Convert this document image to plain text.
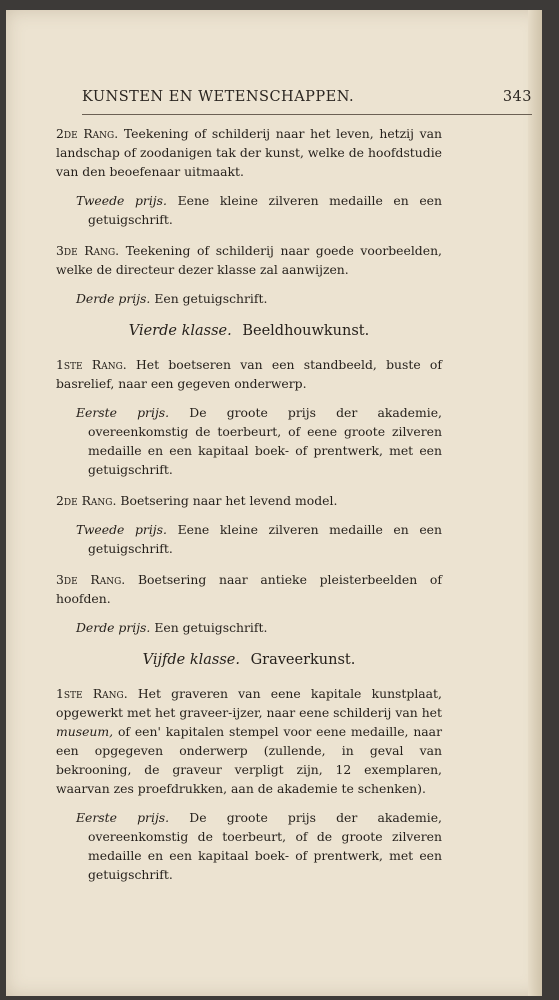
KUNSTEN EN WETENSCHAPPEN.	343

2de Rang. Teekening of schilderij naar het leven, hetzij van landschap of zoodanigen tak der kunst, welke de hoofdstudie van den beoefenaar uitmaakt.

Tweede prijs. Eene kleine zilveren medaille en een getuigschrift.

3de Rang. Teekening of schilderij naar goede voorbeelden, welke de directeur dezer klasse zal aanwijzen.

Derde prijs. Een getuigschrift.

Vierde klasse. Beeldhouwkunst.

1ste Rang. Het boetseren van een standbeeld, buste of basrelief, naar een gegeven onderwerp.

Eerste prijs. De groote prijs der akademie, overeenkomstig de toerbeurt, of eene groote zilveren medaille en een kapitaal boek- of prentwerk, met een getuigschrift.

2de Rang. Boetsering naar het levend model.

Tweede prijs. Eene kleine zilveren medaille en een getuigschrift.

3de Rang. Boetsering naar antieke pleisterbeelden of hoofden.

Derde prijs. Een getuigschrift.

Vijfde klasse. Graveerkunst.

1ste Rang. Het graveren van eene kapitale kunstplaat, opgewerkt met het graveer-ijzer, naar eene schilderij van het museum, of een' kapitalen stempel voor eene medaille, naar een opgegeven onderwerp (zullende, in geval van bekrooning, de graveur verpligt zijn, 12 exemplaren, waarvan zes proefdrukken, aan de akademie te schenken).

Eerste prijs. De groote prijs der akademie, overeenkomstig de toerbeurt, of de groote zilveren medaille en een kapitaal boek- of prentwerk, met een getuigschrift.
